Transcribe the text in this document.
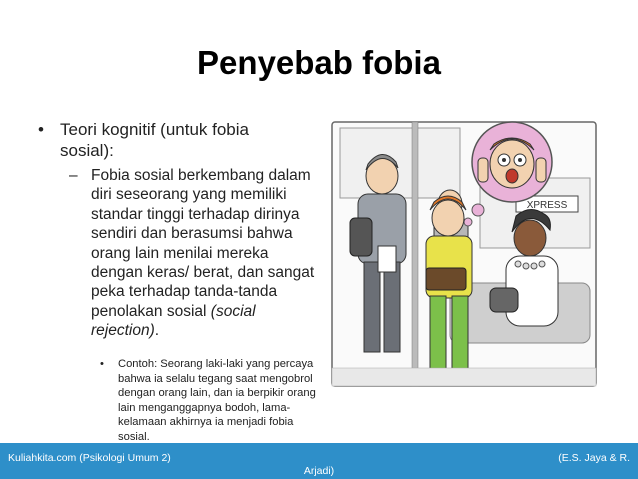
Penyebab fobia
• Teori kognitif (untuk fobia sosial):
– Fobia sosial berkembang dalam diri seseorang yang memiliki standar tinggi terhadap dirinya sendiri dan berasumsi bahwa orang lain menilai mereka dengan keras/ berat, dan sangat peka terhadap tanda-tanda penolakan sosial (social rejection).
• Contoh: Seorang laki-laki yang percaya bahwa ia selalu tegang saat mengobrol dengan orang lain, dan ia berpikir orang lain menganggapnya bodoh, lama-kelamaan akhirnya ia menjadi fobia sosial.
XPRESS
Kuliahkita.com (Psikologi Umum 2)	(E.S. Jaya & R.
Arjadi)
